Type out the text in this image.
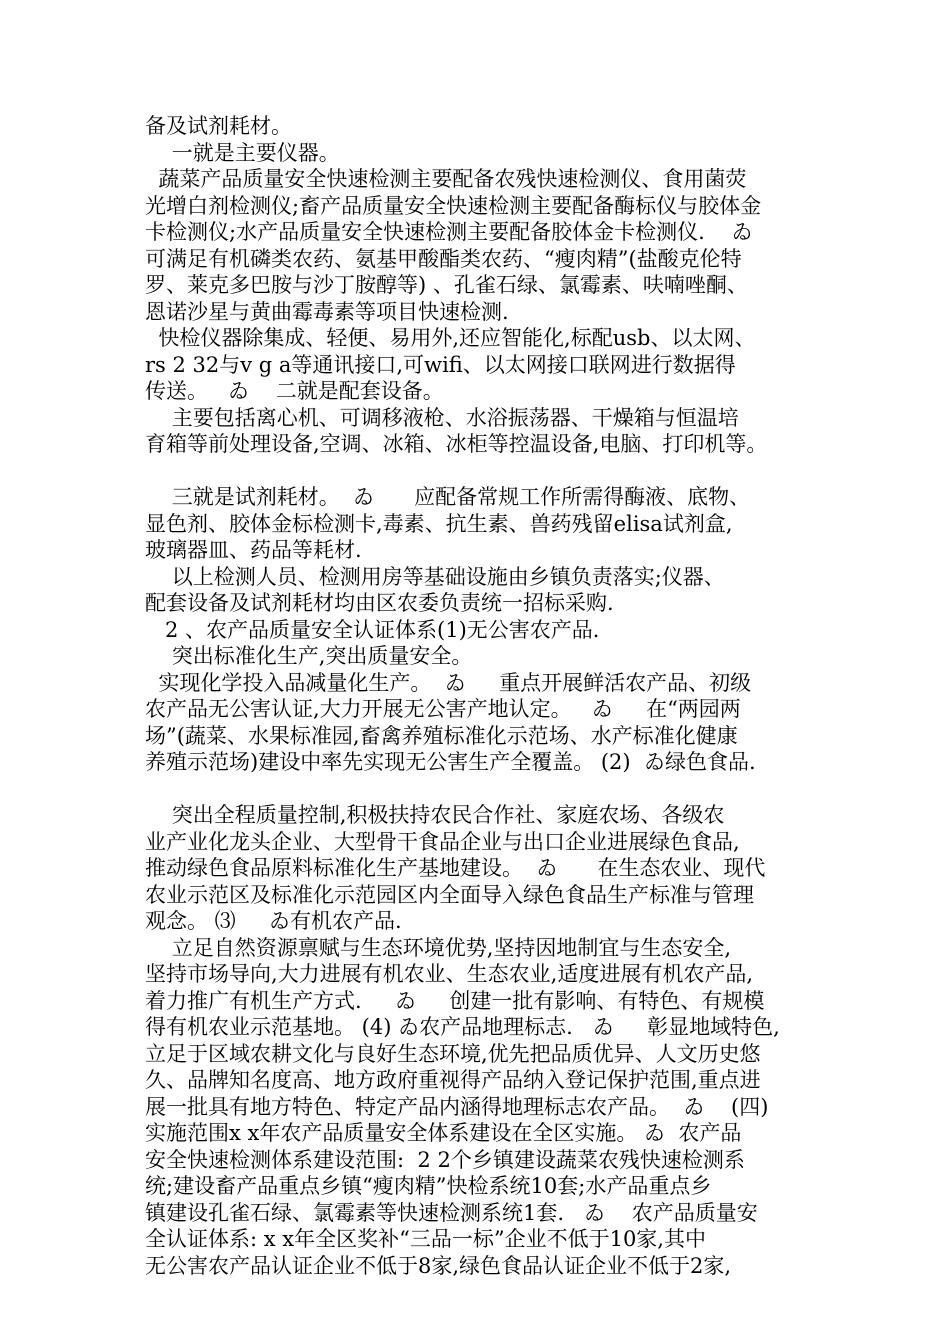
备及试剂耗材。
一就是主要仪器。
蔬菜产品质量安全快速检测主要配备农残快速检测仪、食用菌荧
光增白剂检测仪;畜产品质量安全快速检测主要配备酶标仪与胶体金
卡检测仪;水产品质量安全快速检测主要配备胶体金卡检测仪.    ゐ
可满足有机磷类农药、氨基甲酸酯类农药、“瘦肉精”(盐酸克伦特
罗、莱克多巴胺与沙丁胺醇等) 、孔雀石绿、氯霉素、呋喃唑酮、
恩诺沙星与黄曲霉毒素等项目快速检测.
快检仪器除集成、轻便、易用外,还应智能化,标配usb、以太网、
rs 2 32与v g a等通讯接口,可wifi、以太网接口联网进行数据得
传送。   ゐ    二就是配套设备。
主要包括离心机、可调移液枪、水浴振荡器、干燥箱与恒温培
育箱等前处理设备,空调、冰箱、冰柜等控温设备,电脑、打印机等。
三就是试剂耗材。  ゐ      应配备常规工作所需得酶液、底物、
显色剂、胶体金标检测卡,毒素、抗生素、兽药残留elisa试剂盒,
玻璃器皿、药品等耗材.
以上检测人员、检测用房等基础设施由乡镇负责落实;仪器、
配套设备及试剂耗材均由区农委负责统一招标采购.
2 、农产品质量安全认证体系(1)无公害农产品.
突出标准化生产,突出质量安全。
实现化学投入品减量化生产。  ゐ     重点开展鲜活农产品、初级
农产品无公害认证,大力开展无公害产地认定。   ゐ     在“两园两
场”(蔬菜、水果标准园,畜禽养殖标准化示范场、水产标准化健康
养殖示范场)建设中率先实现无公害生产全覆盖。 (2)  ゐ绿色食品.
突出全程质量控制,积极扶持农民合作社、家庭农场、各级农
业产业化龙头企业、大型骨干食品企业与出口企业进展绿色食品,
推动绿色食品原料标准化生产基地建设。  ゐ      在生态农业、现代
农业示范区及标准化示范园区内全面导入绿色食品生产标准与管理
观念。 ⑶     ゐ有机农产品.
立足自然资源禀赋与生态环境优势,坚持因地制宜与生态安全,
坚持市场导向,大力进展有机农业、生态农业,适度进展有机农产品,
着力推广有机生产方式.     ゐ     创建一批有影响、有特色、有规模
得有机农业示范基地。 (4) ゐ农产品地理标志.   ゐ     彰显地域特色,
立足于区域农耕文化与良好生态环境,优先把品质优异、人文历史悠
久、品牌知名度高、地方政府重视得产品纳入登记保护范围,重点进
展一批具有地方特色、特定产品内涵得地理标志农产品。  ゐ    (四)
实施范围x x年农产品质量安全体系建设在全区实施。 ゐ  农产品
安全快速检测体系建设范围:  2 2个乡镇建设蔬菜农残快速检测系
统;建设畜产品重点乡镇“瘦肉精”快检系统10套;水产品重点乡
镇建设孔雀石绿、氯霉素等快速检测系统1套.   ゐ    农产品质量安
全认证体系: x x年全区奖补“三品一标”企业不低于10家,其中
无公害农产品认证企业不低于8家,绿色食品认证企业不低于2家,
